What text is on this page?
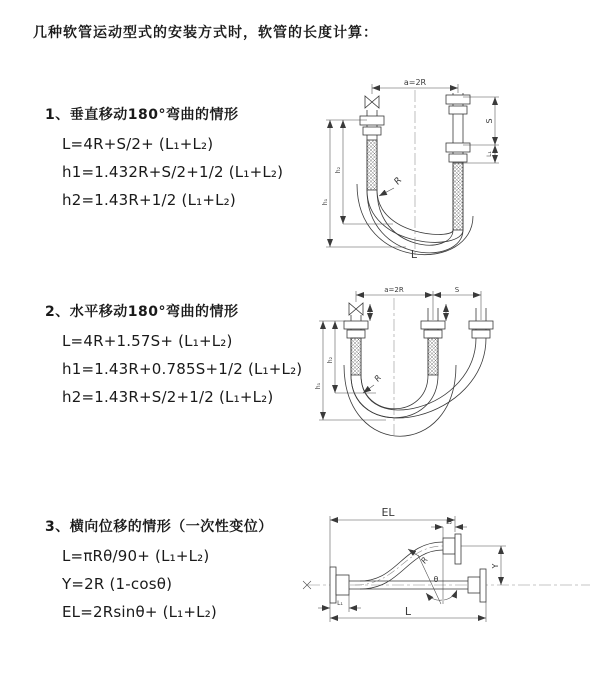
几种软管运动型式的安装方式时，软管的长度计算：
1、垂直移动180°弯曲的情形
L=4R+S/2+ (L₁+L₂)
h1=1.432R+S/2+1/2 (L₁+L₂)
h2=1.43R+1/2 (L₁+L₂)
2、水平移动180°弯曲的情形
L=4R+1.57S+ (L₁+L₂)
h1=1.43R+0.785S+1/2 (L₁+L₂)
h2=1.43R+S/2+1/2 (L₁+L₂)
3、横向位移的情形（一次性变位）
L=πRθ/90+ (L₁+L₂)
Y=2R (1-cosθ)
EL=2Rsinθ+ (L₁+L₂)
a=2R
S
L₁
h₂
h₁
R
L
a=2R	S
h₂
h₁
R
EL
L₂
Y
L
L₁
θ
R
